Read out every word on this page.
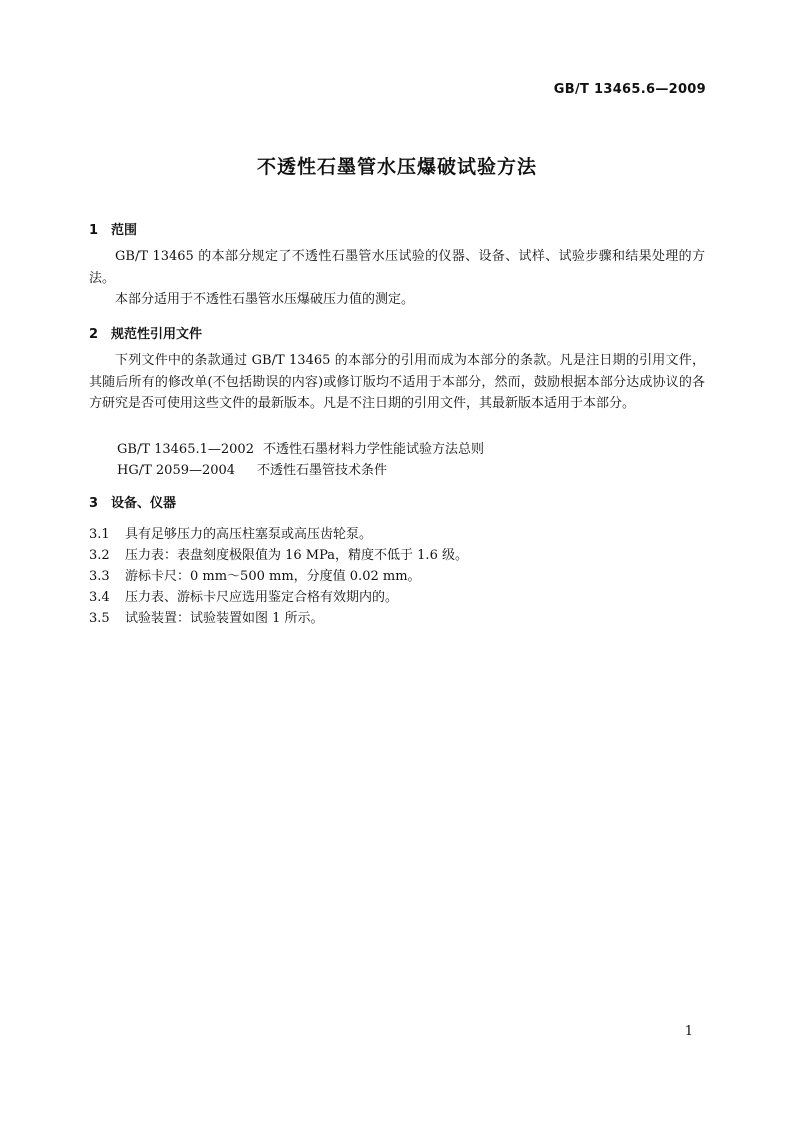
GB/T 13465.6—2009
不透性石墨管水压爆破试验方法
1 范围
GB/T 13465 的本部分规定了不透性石墨管水压试验的仪器、设备、试样、试验步骤和结果处理的方法。
本部分适用于不透性石墨管水压爆破压力值的测定。
2 规范性引用文件
下列文件中的条款通过 GB/T 13465 的本部分的引用而成为本部分的条款。凡是注日期的引用文件，其随后所有的修改单(不包括勘误的内容)或修订版均不适用于本部分，然而，鼓励根据本部分达成协议的各方研究是否可使用这些文件的最新版本。凡是不注日期的引用文件，其最新版本适用于本部分。
GB/T 13465.1—2002 不透性石墨材料力学性能试验方法总则
HG/T 2059—2004 不透性石墨管技术条件
3 设备、仪器
3.1 具有足够压力的高压柱塞泵或高压齿轮泵。
3.2 压力表：表盘刻度极限值为 16 MPa，精度不低于 1.6 级。
3.3 游标卡尺：0 mm～500 mm，分度值 0.02 mm。
3.4 压力表、游标卡尺应选用鉴定合格有效期内的。
3.5 试验装置：试验装置如图 1 所示。
1
